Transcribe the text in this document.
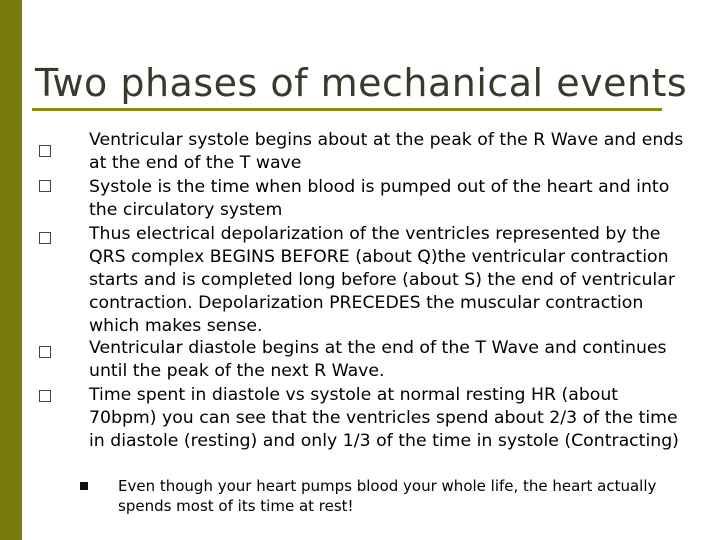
Two phases of mechanical events

Ventricular systole begins about at the peak of the R Wave and ends at the end of the T wave

Systole is the time when blood is pumped out of the heart and into the circulatory system

Thus electrical depolarization of the ventricles represented by the QRS complex BEGINS BEFORE (about Q)the ventricular contraction starts and is completed long before (about S) the end of ventricular contraction. Depolarization PRECEDES the muscular contraction which makes sense.

Ventricular diastole begins at the end of the T Wave and continues until the peak of the next R Wave.

Time spent in diastole vs systole at normal resting HR (about 70bpm) you can see that the ventricles spend about 2/3 of the time in diastole (resting) and only 1/3 of the time in systole (Contracting)

Even though your heart pumps blood your whole life, the heart actually spends most of its time at rest!
